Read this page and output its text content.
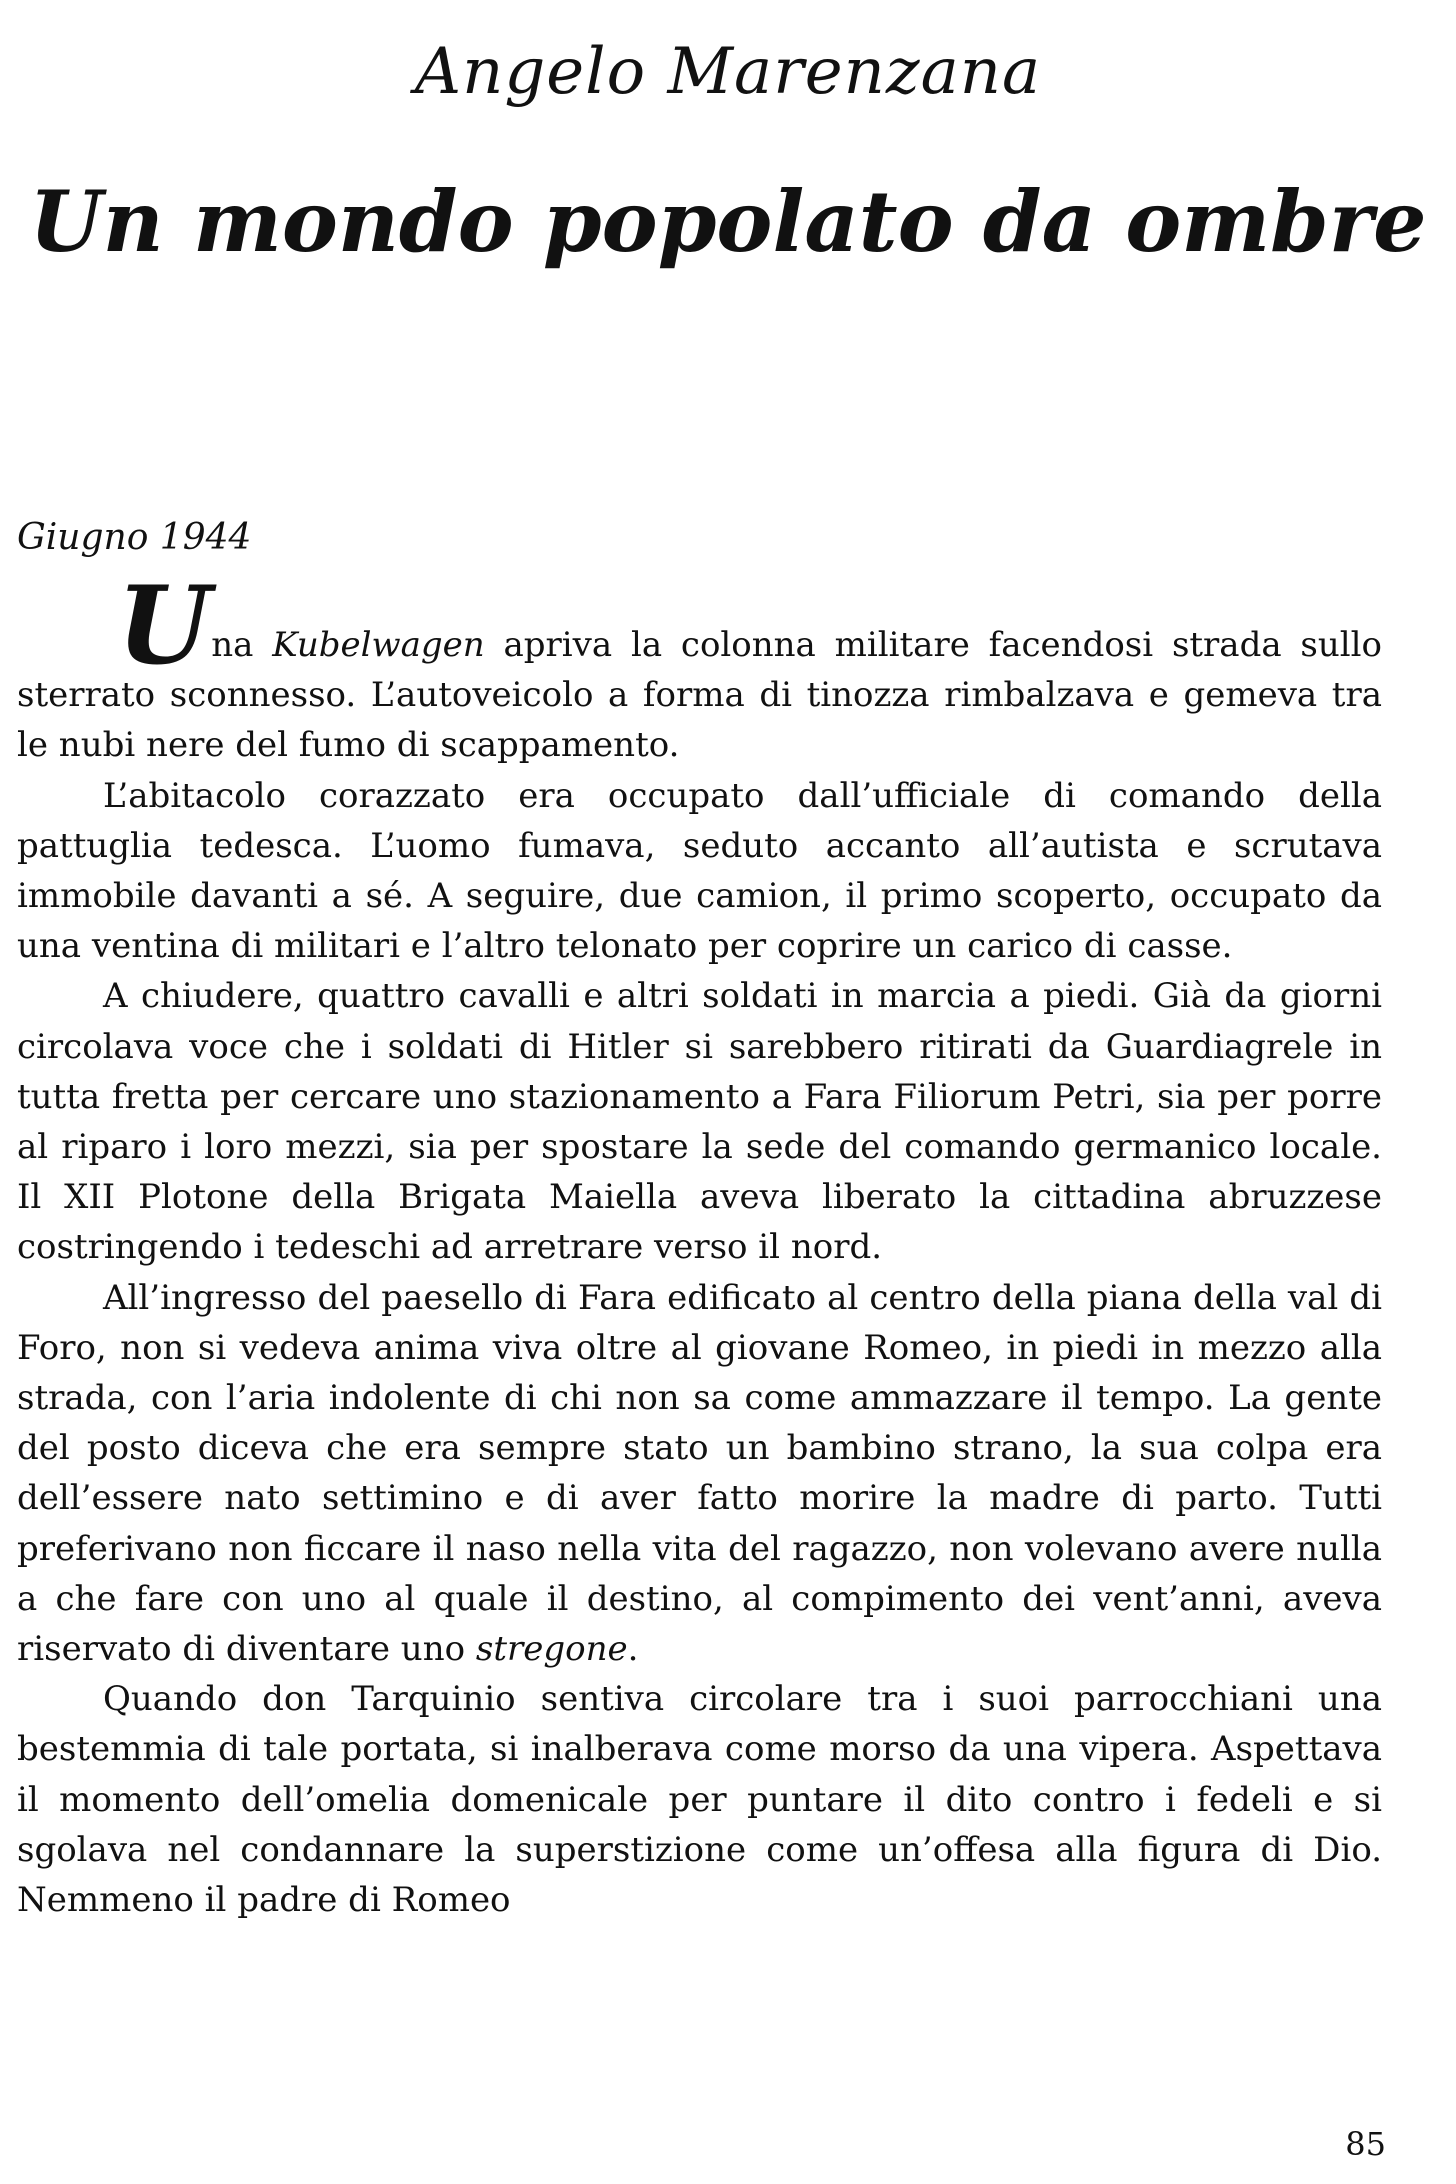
Angelo Marenzana
Un mondo popolato da ombre
Giugno 1944

Una Kubelwagen apriva la colonna militare facendosi strada sullo sterrato sconnesso. L’autoveicolo a forma di tinozza rimbalzava e gemeva tra le nubi nere del fumo di scappamento.

L’abitacolo corazzato era occupato dall’ufficiale di comando della pattuglia tedesca. L’uomo fumava, seduto accanto all’autista e scrutava immobile davanti a sé. A seguire, due camion, il primo scoperto, occupato da una ventina di militari e l’altro telonato per coprire un carico di casse.

A chiudere, quattro cavalli e altri soldati in marcia a piedi. Già da giorni circolava voce che i soldati di Hitler si sarebbero ritirati da Guardiagrele in tutta fretta per cercare uno stazionamento a Fara Filiorum Petri, sia per porre al riparo i loro mezzi, sia per spostare la sede del comando germanico locale. Il XII Plotone della Brigata Maiella aveva liberato la cittadina abruzzese costringendo i tedeschi ad arretrare verso il nord.

All’ingresso del paesello di Fara edificato al centro della piana della val di Foro, non si vedeva anima viva oltre al giovane Romeo, in piedi in mezzo alla strada, con l’aria indolente di chi non sa come ammazzare il tempo. La gente del posto diceva che era sempre stato un bambino strano, la sua colpa era dell’essere nato settimino e di aver fatto morire la madre di parto. Tutti preferivano non ficcare il naso nella vita del ragazzo, non volevano avere nulla a che fare con uno al quale il destino, al compimento dei vent’anni, aveva riservato di diventare uno stregone.

Quando don Tarquinio sentiva circolare tra i suoi parrocchiani una bestemmia di tale portata, si inalberava come morso da una vipera. Aspettava il momento dell’omelia domenicale per puntare il dito contro i fedeli e si sgolava nel condannare la superstizione come un’offesa alla figura di Dio. Nemmeno il padre di Romeo

85
